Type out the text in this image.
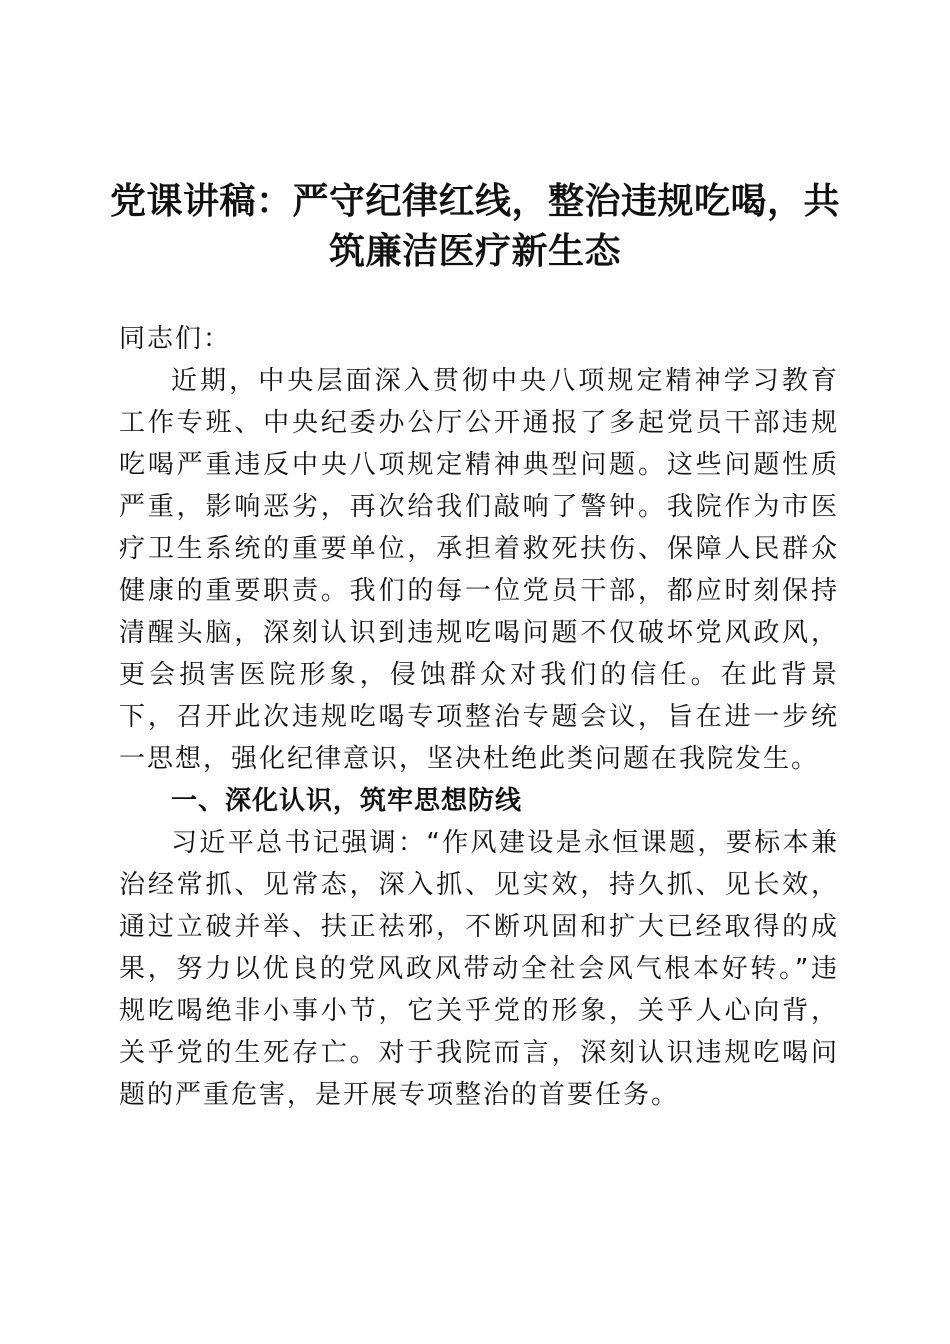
党课讲稿：严守纪律红线，整治违规吃喝，共
筑廉洁医疗新生态

同志们：

近期，中央层面深入贯彻中央八项规定精神学习教育工作专班、中央纪委办公厅公开通报了多起党员干部违规吃喝严重违反中央八项规定精神典型问题。这些问题性质严重，影响恶劣，再次给我们敲响了警钟。我院作为市医疗卫生系统的重要单位，承担着救死扶伤、保障人民群众健康的重要职责。我们的每一位党员干部，都应时刻保持清醒头脑，深刻认识到违规吃喝问题不仅破坏党风政风，更会损害医院形象，侵蚀群众对我们的信任。在此背景下，召开此次违规吃喝专项整治专题会议，旨在进一步统一思想，强化纪律意识，坚决杜绝此类问题在我院发生。

一、深化认识，筑牢思想防线

习近平总书记强调：“作风建设是永恒课题，要标本兼治经常抓、见常态，深入抓、见实效，持久抓、见长效，通过立破并举、扶正祛邪，不断巩固和扩大已经取得的成果，努力以优良的党风政风带动全社会风气根本好转。”违规吃喝绝非小事小节，它关乎党的形象，关乎人心向背，关乎党的生死存亡。对于我院而言，深刻认识违规吃喝问题的严重危害，是开展专项整治的首要任务。
